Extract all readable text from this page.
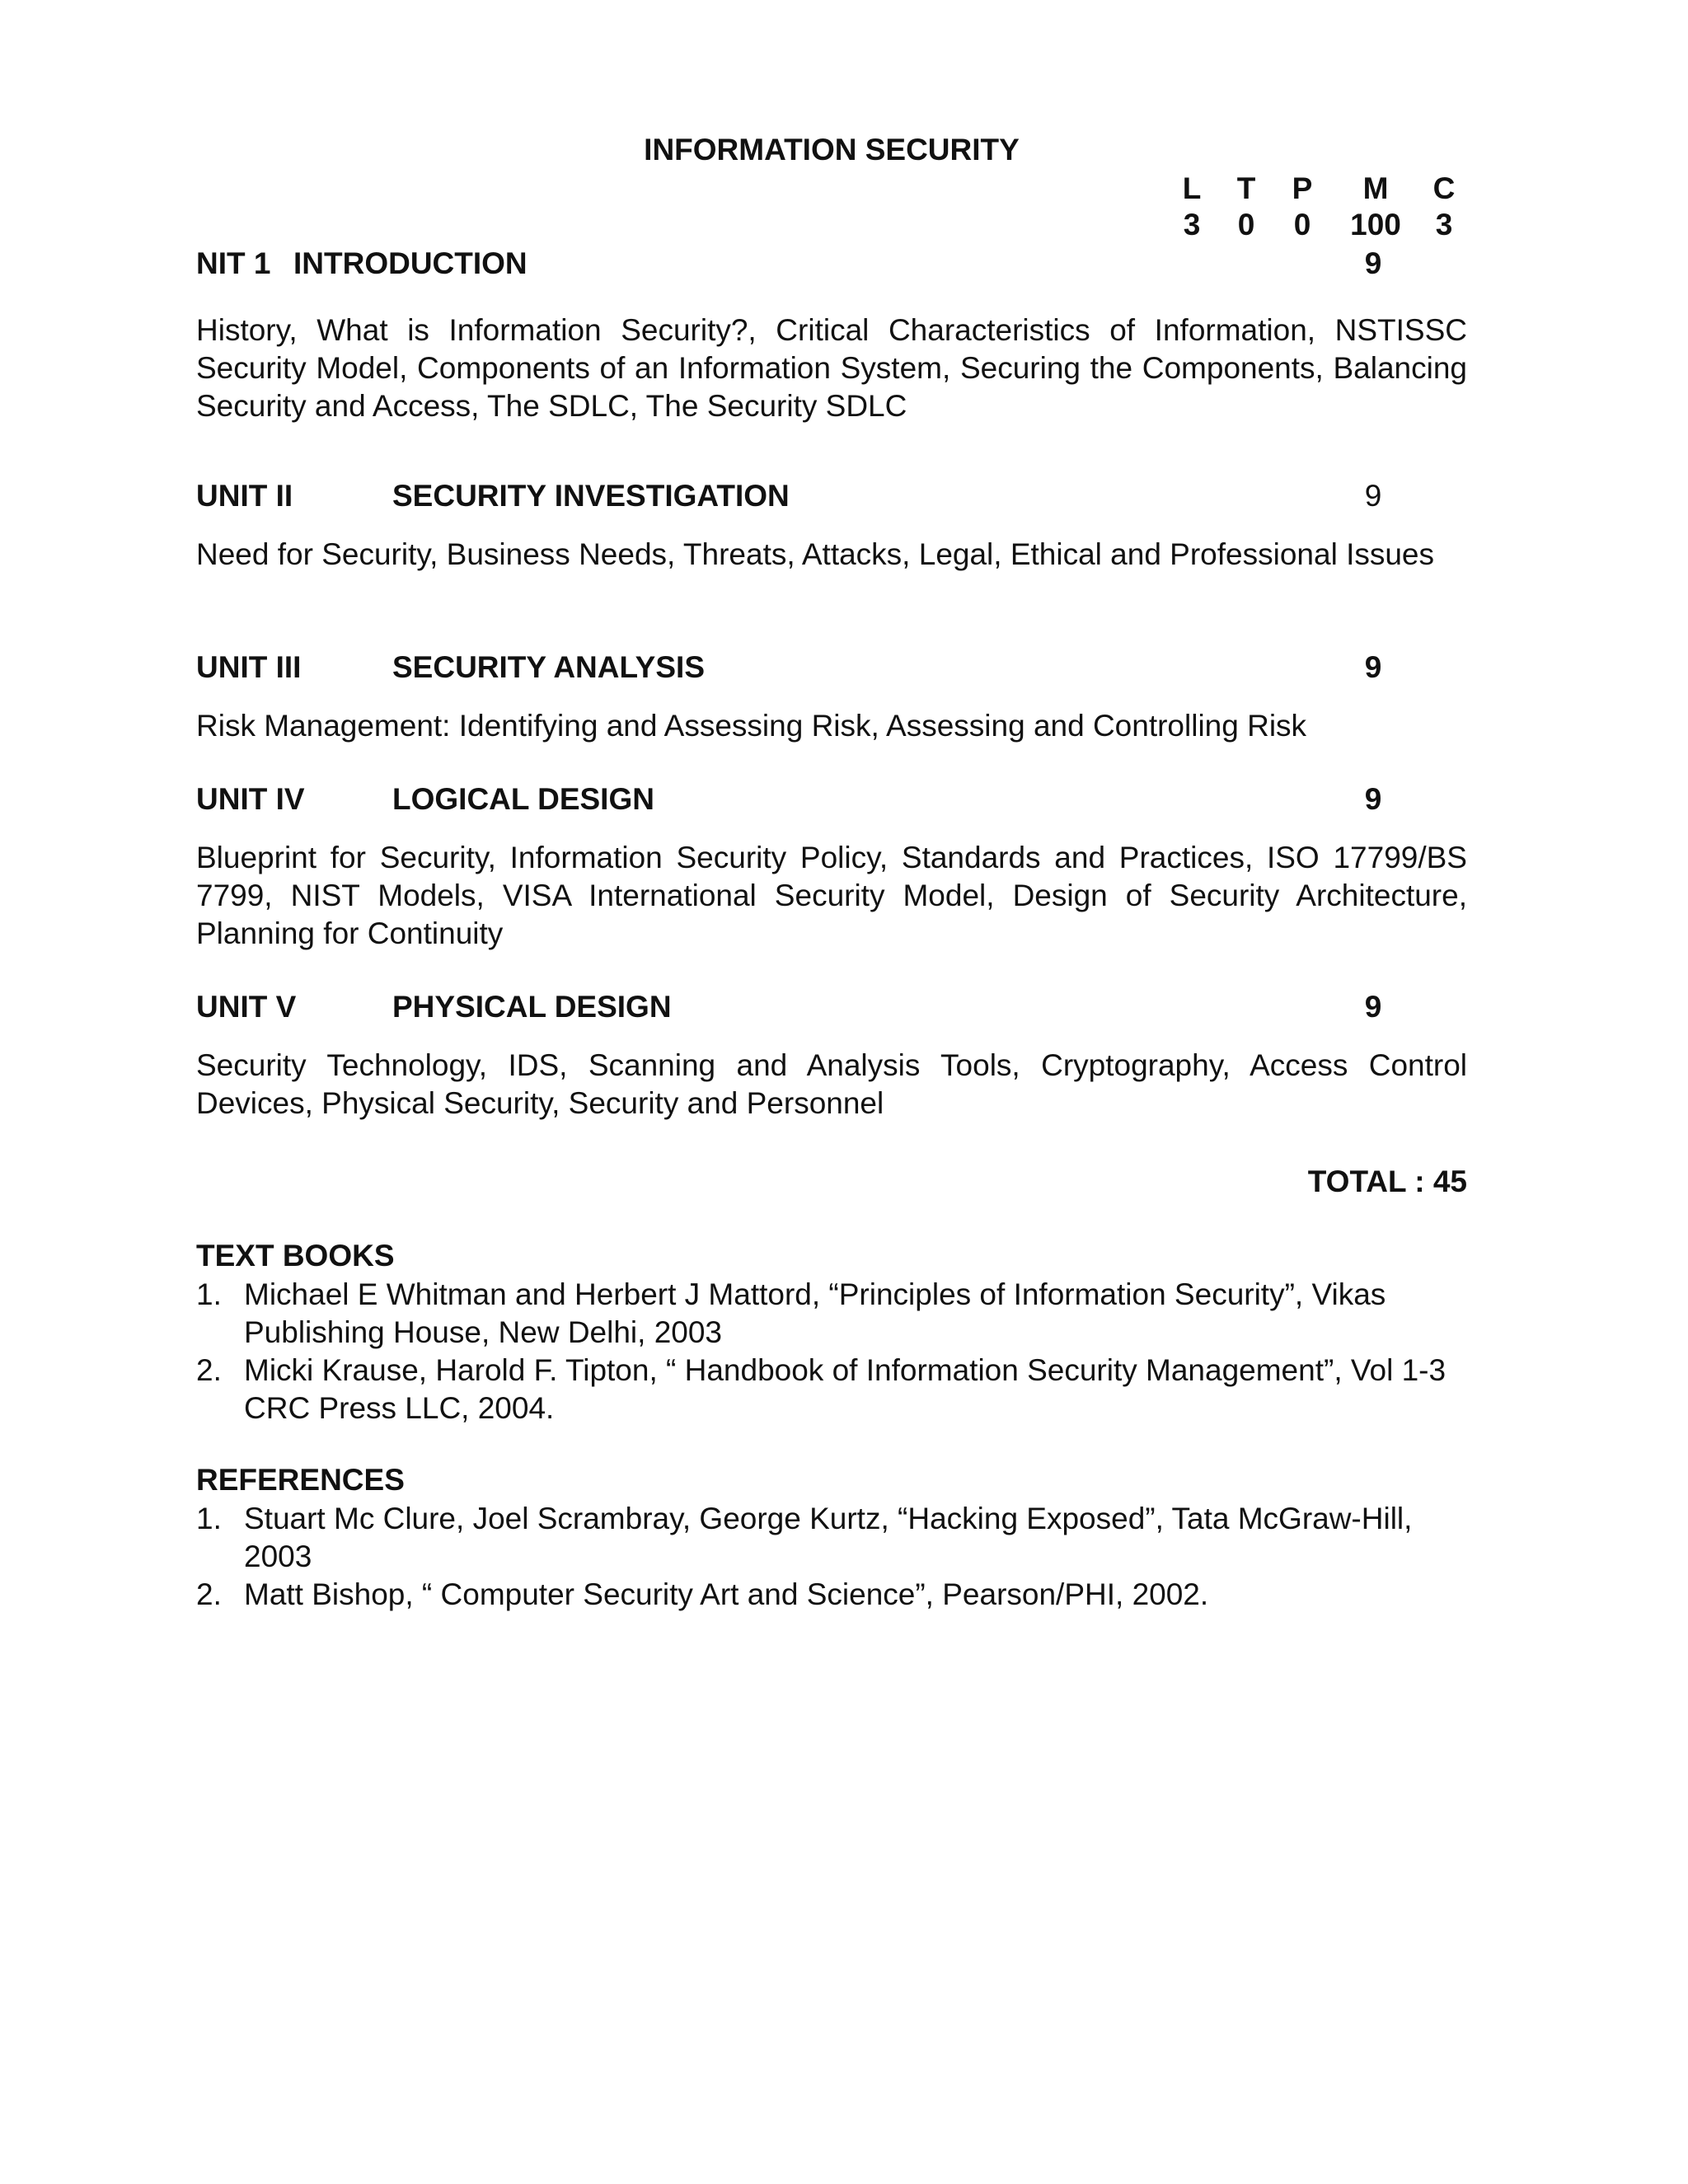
INFORMATION SECURITY
L	T	P	M	C
3	0	0	100	3
NIT 1 INTRODUCTION	9
History, What is Information Security?, Critical Characteristics of Information, NSTISSC Security Model, Components of an Information System, Securing the Components, Balancing Security and Access, The SDLC, The Security SDLC
UNIT II	SECURITY INVESTIGATION	9
Need for Security, Business Needs, Threats, Attacks, Legal, Ethical and Professional Issues
UNIT III	SECURITY ANALYSIS	9
Risk Management: Identifying and Assessing Risk, Assessing and Controlling Risk
UNIT IV	LOGICAL DESIGN	9
Blueprint for Security, Information Security Policy, Standards and Practices, ISO 17799/BS 7799, NIST Models, VISA International Security Model, Design of Security Architecture, Planning for Continuity
UNIT V	PHYSICAL DESIGN	9
Security Technology, IDS, Scanning and Analysis Tools, Cryptography, Access Control Devices, Physical Security, Security and Personnel
TOTAL : 45
TEXT BOOKS
1. Michael E Whitman and Herbert J Mattord, “Principles of Information Security”, Vikas Publishing House, New Delhi, 2003
2. Micki Krause, Harold F. Tipton, “ Handbook of Information Security Management”, Vol 1-3 CRC Press LLC, 2004.
REFERENCES
1. Stuart Mc Clure, Joel Scrambray, George Kurtz, “Hacking Exposed”, Tata McGraw-Hill, 2003
2. Matt Bishop, “ Computer Security Art and Science”, Pearson/PHI, 2002.
